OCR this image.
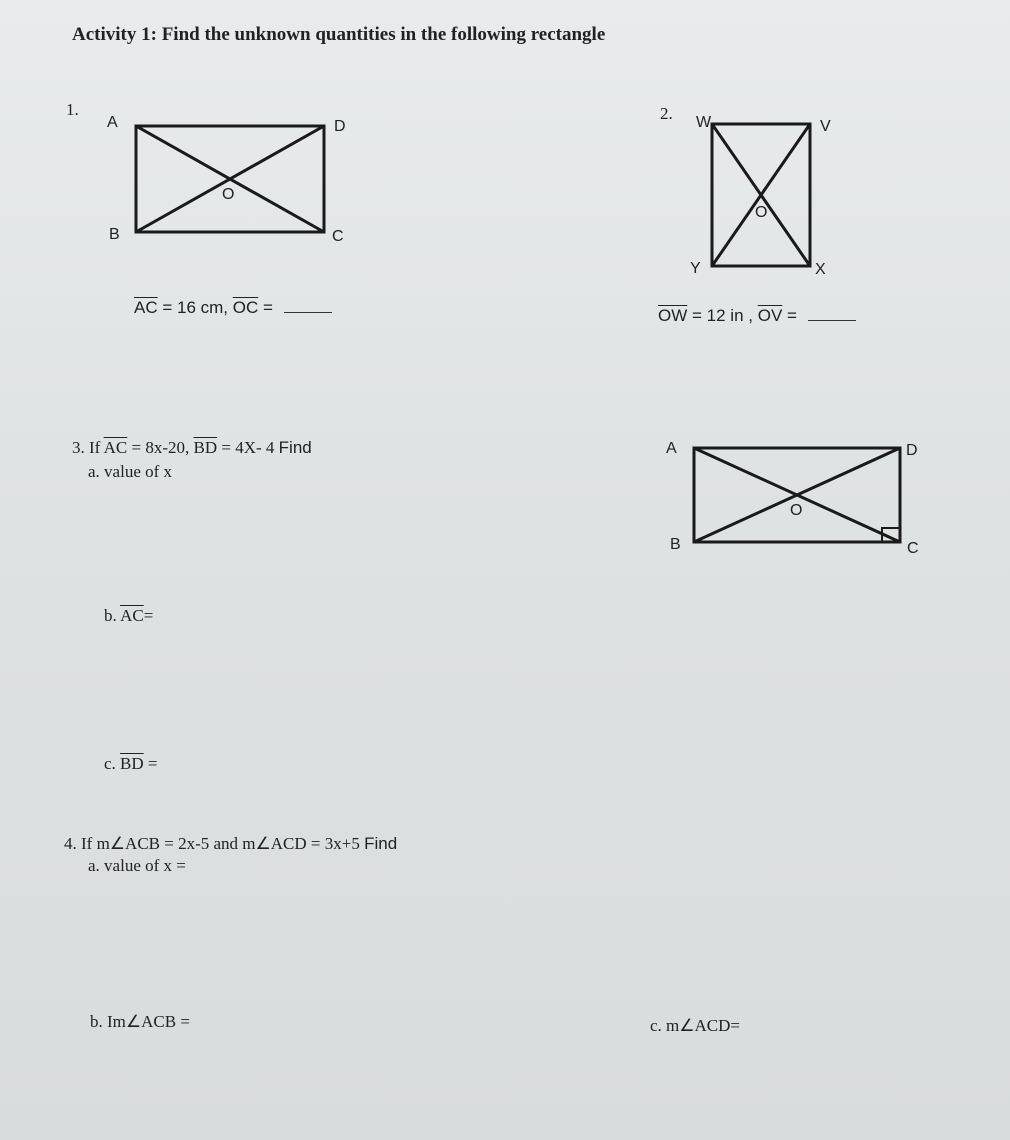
Activity 1: Find the unknown quantities in the following rectangle
1.
A	D
B	C
O
$\overline{AC} = 16$ cm, $\overline{OC}$ =
2. W	V
Y	X
O
$\overline{OW} = 12$ in , $\overline{OV}$ =
3. If $\overline{AC} = 8x-20$, $\overline{BD} = 4X-$ 4 Find
a. value of x
b. $\overline{AC}=$
c. $\overline{BD}$ =
A	D
B	C
O
4. If m∠ACB = 2x-5 and m∠ACD = 3x+5 Find
a. value of x =
b. Im∠ACB =	c. m∠ACD=
